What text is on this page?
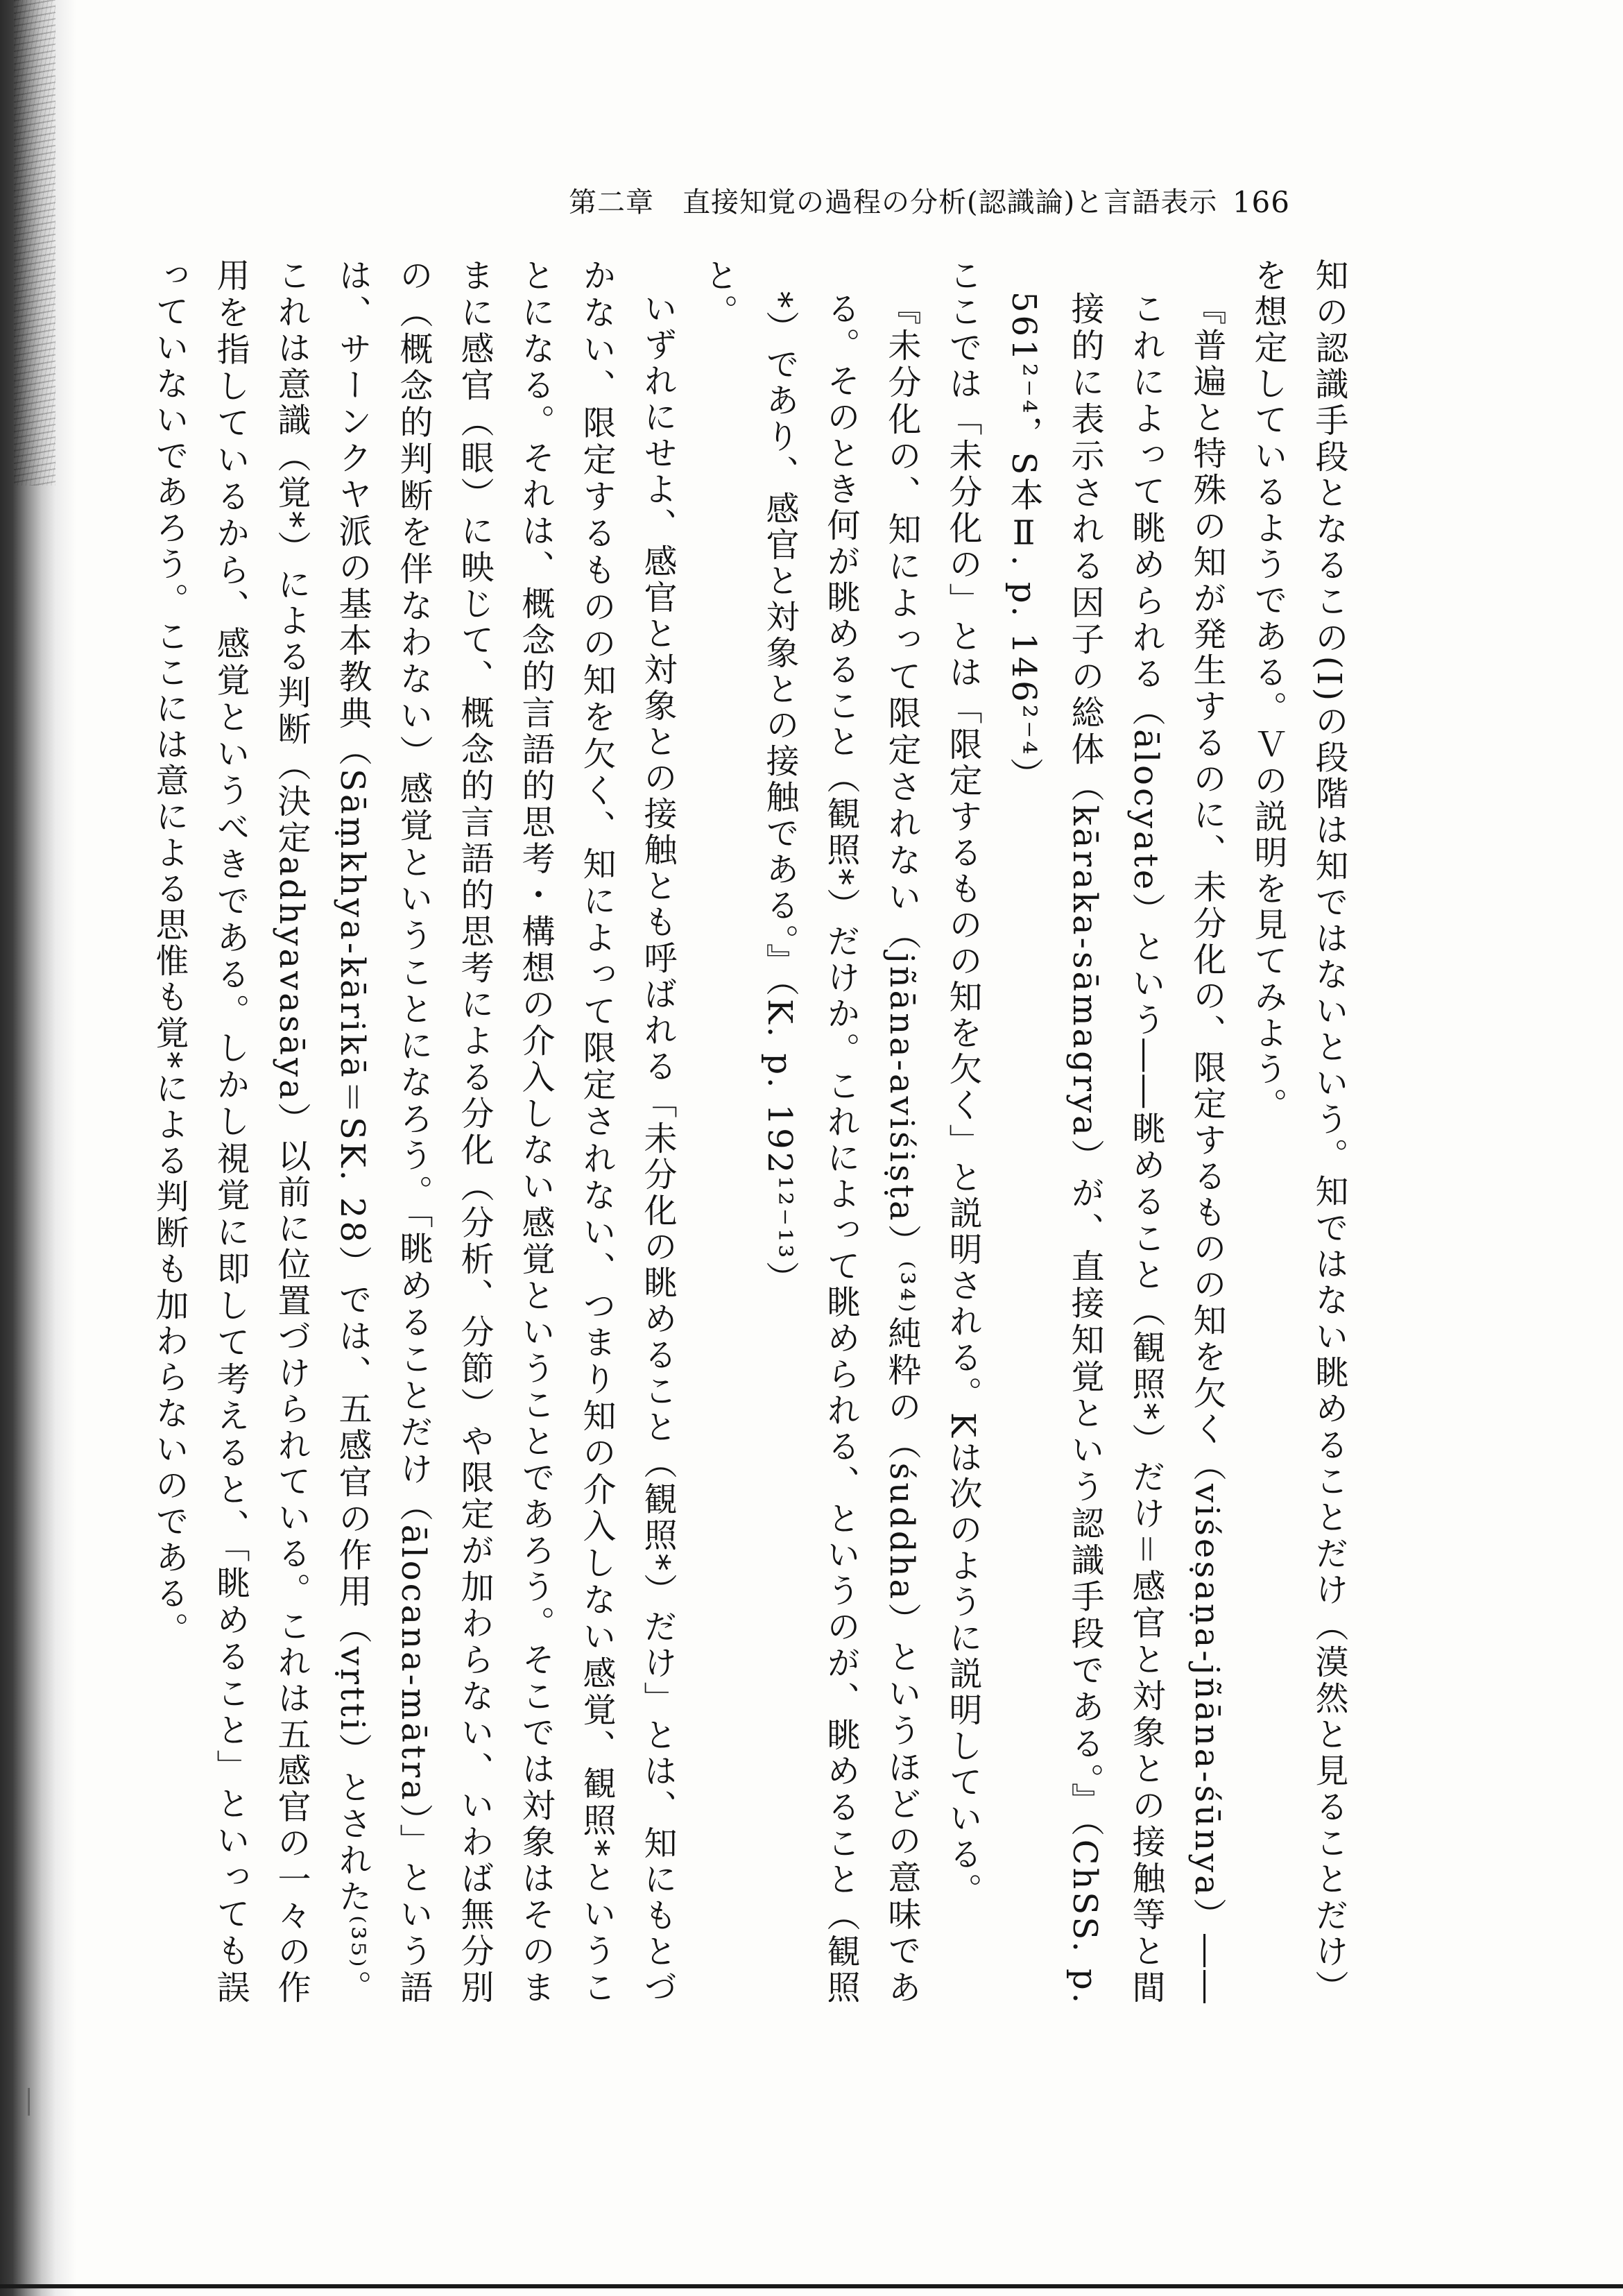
第二章　直接知覚の過程の分析(認識論)と言語表示 166

知の認識手段となるこの(I)の段階は知ではないという。知ではない眺めることだけ（漠然と見ることだけ）を想定しているようである。Ｖの説明を見てみよう。

『普遍と特殊の知が発生するのに、未分化の、限定するものの知を欠く（viśeṣaṇa-jñāna-śūnya）――これによって眺められる（ālocyate）という――眺めること（観照*）だけ＝感官と対象との接触等と間接的に表示される因子の総体（kāraka-sāmagrya）が、直接知覚という認識手段である。』（ChSS. p. 561²⁻⁴，S本Ⅱ. p. 146²⁻⁴）

ここでは「未分化の」とは「限定するものの知を欠く」と説明される。Kは次のように説明している。

『未分化の、知によって限定されない（jñāna-aviśiṣṭa）⁽³⁴⁾純粋の（śuddha）というほどの意味である。そのとき何が眺めること（観照*）だけか。これによって眺められる、というのが、眺めること（観照*）であり、感官と対象との接触である。』（K. p. 192¹²⁻¹³）

と。

いずれにせよ、感官と対象との接触とも呼ばれる「未分化の眺めること（観照*）だけ」とは、知にもとづかない、限定するものの知を欠く、知によって限定されない、つまり知の介入しない感覚、観照*ということになる。それは、概念的言語的思考・構想の介入しない感覚ということであろう。そこでは対象はそのままに感官（眼）に映じて、概念的言語的思考による分化（分析、分節）や限定が加わらない、いわば無分別の（概念的判断を伴なわない）感覚ということになろう。「眺めることだけ（ālocana-mātra）」という語は、サーンクヤ派の基本教典（Sāṃkhya-kārikā＝SK. 28）では、五感官の作用（vṛtti）とされた⁽³⁵⁾。これは意識（覚*）による判断（決定adhyavasāya）以前に位置づけられている。これは五感官の一々の作用を指しているから、感覚というべきである。しかし視覚に即して考えると、「眺めること」といっても誤っていないであろう。ここには意による思惟も覚*による判断も加わらないのである。
